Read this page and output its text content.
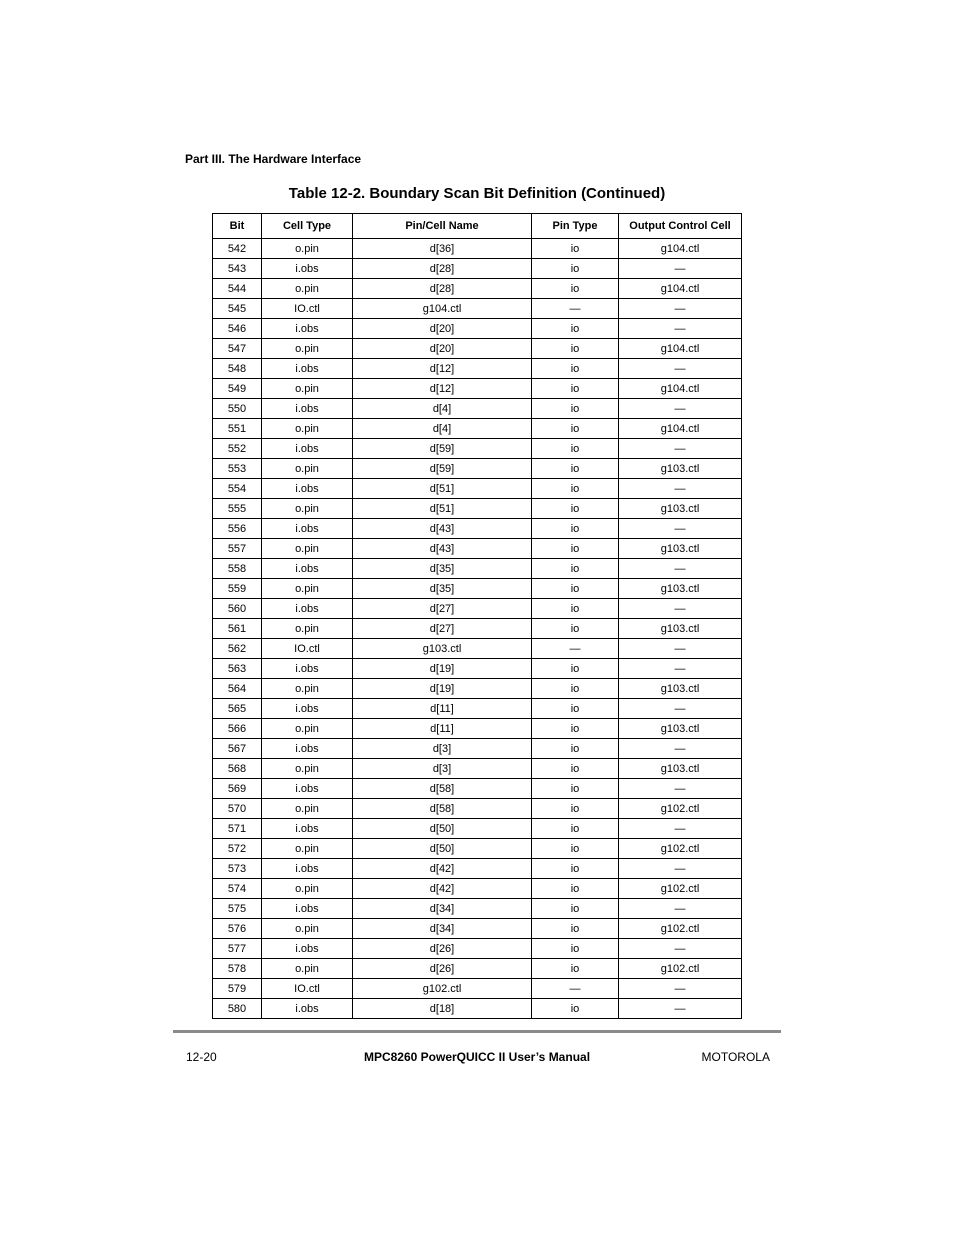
Part III. The Hardware Interface
Table 12-2. Boundary Scan Bit Definition (Continued)
Bit	Cell Type	Pin/Cell Name	Pin Type	Output Control Cell
542	o.pin	d[36]	io	g104.ctl
543	i.obs	d[28]	io	—
544	o.pin	d[28]	io	g104.ctl
545	IO.ctl	g104.ctl	—	—
546	i.obs	d[20]	io	—
547	o.pin	d[20]	io	g104.ctl
548	i.obs	d[12]	io	—
549	o.pin	d[12]	io	g104.ctl
550	i.obs	d[4]	io	—
551	o.pin	d[4]	io	g104.ctl
552	i.obs	d[59]	io	—
553	o.pin	d[59]	io	g103.ctl
554	i.obs	d[51]	io	—
555	o.pin	d[51]	io	g103.ctl
556	i.obs	d[43]	io	—
557	o.pin	d[43]	io	g103.ctl
558	i.obs	d[35]	io	—
559	o.pin	d[35]	io	g103.ctl
560	i.obs	d[27]	io	—
561	o.pin	d[27]	io	g103.ctl
562	IO.ctl	g103.ctl	—	—
563	i.obs	d[19]	io	—
564	o.pin	d[19]	io	g103.ctl
565	i.obs	d[11]	io	—
566	o.pin	d[11]	io	g103.ctl
567	i.obs	d[3]	io	—
568	o.pin	d[3]	io	g103.ctl
569	i.obs	d[58]	io	—
570	o.pin	d[58]	io	g102.ctl
571	i.obs	d[50]	io	—
572	o.pin	d[50]	io	g102.ctl
573	i.obs	d[42]	io	—
574	o.pin	d[42]	io	g102.ctl
575	i.obs	d[34]	io	—
576	o.pin	d[34]	io	g102.ctl
577	i.obs	d[26]	io	—
578	o.pin	d[26]	io	g102.ctl
579	IO.ctl	g102.ctl	—	—
580	i.obs	d[18]	io	—
MPC8260 PowerQUICC II User’s Manual
12-20	MOTOROLA
